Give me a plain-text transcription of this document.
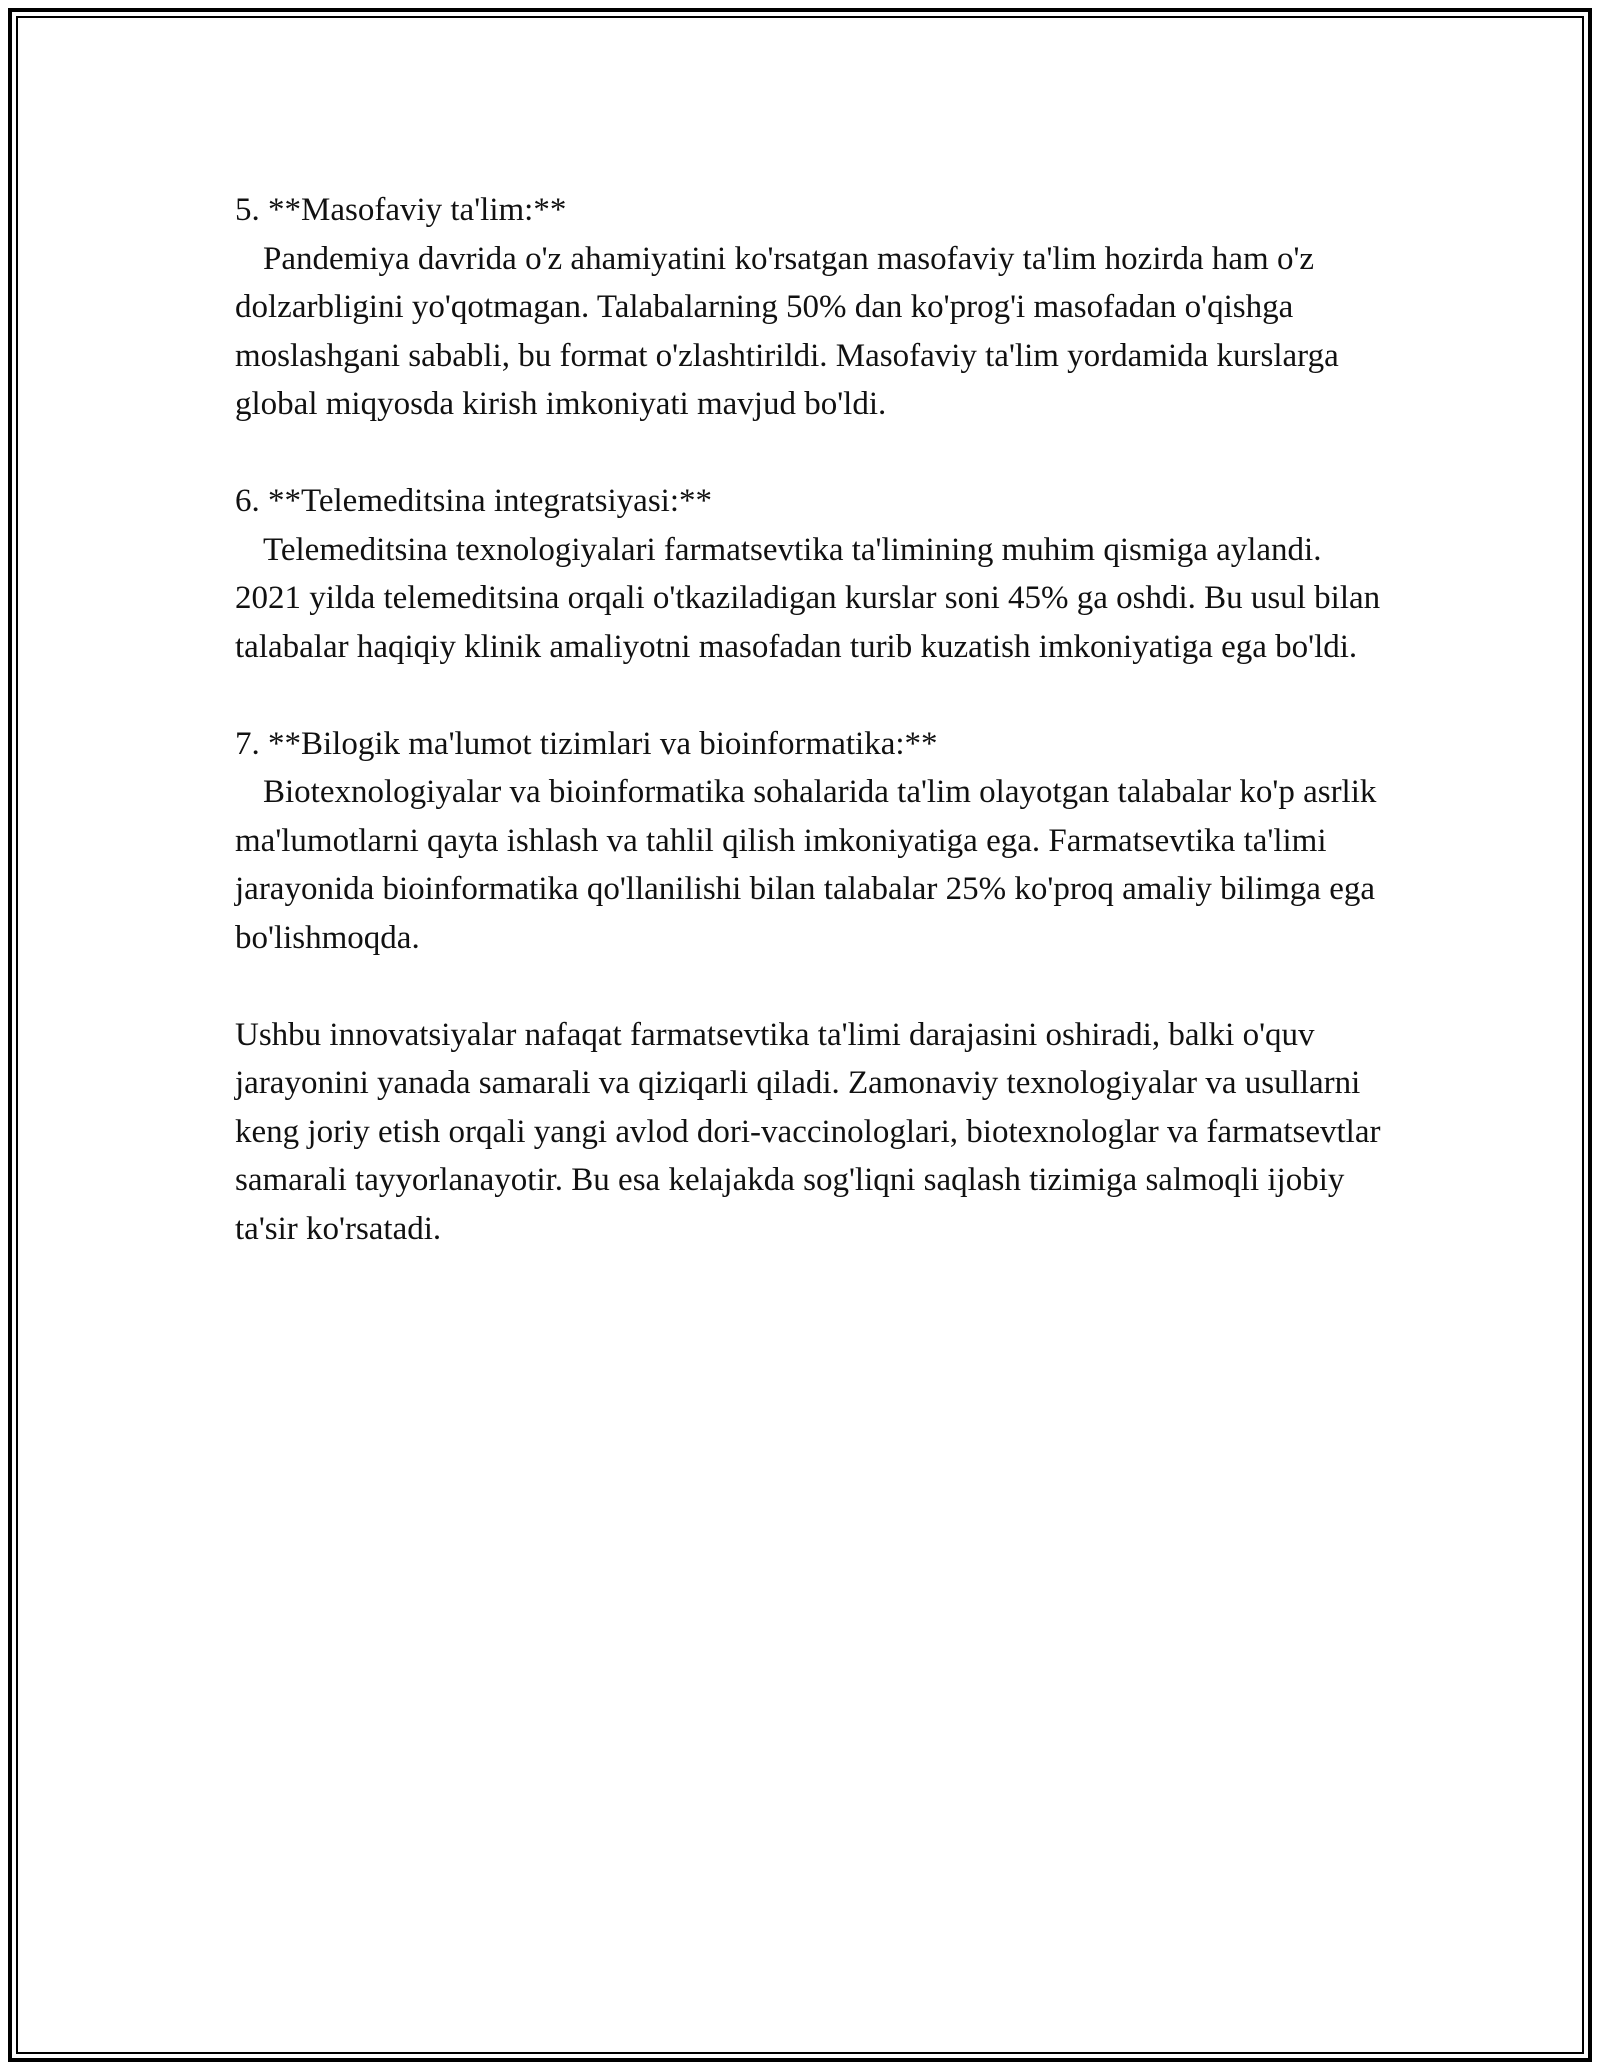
5. **Masofaviy ta'lim:**

Pandemiya davrida o'z ahamiyatini ko'rsatgan masofaviy ta'lim hozirda ham o'z dolzarbligini yo'qotmagan. Talabalarning 50% dan ko'prog'i masofadan o'qishga moslashgani sababli, bu format o'zlashtirildi. Masofaviy ta'lim yordamida kurslarga global miqyosda kirish imkoniyati mavjud bo'ldi.

6. **Telemeditsina integratsiyasi:**

Telemeditsina texnologiyalari farmatsevtika ta'limining muhim qismiga aylandi. 2021 yilda telemeditsina orqali o'tkaziladigan kurslar soni 45% ga oshdi. Bu usul bilan talabalar haqiqiy klinik amaliyotni masofadan turib kuzatish imkoniyatiga ega bo'ldi.

7. **Bilogik ma'lumot tizimlari va bioinformatika:**

Biotexnologiyalar va bioinformatika sohalarida ta'lim olayotgan talabalar ko'p asrlik ma'lumotlarni qayta ishlash va tahlil qilish imkoniyatiga ega. Farmatsevtika ta'limi jarayonida bioinformatika qo'llanilishi bilan talabalar 25% ko'proq amaliy bilimga ega bo'lishmoqda.

Ushbu innovatsiyalar nafaqat farmatsevtika ta'limi darajasini oshiradi, balki o'quv jarayonini yanada samarali va qiziqarli qiladi. Zamonaviy texnologiyalar va usullarni keng joriy etish orqali yangi avlod dori-vaccinologlari, biotexnologlar va farmatsevtlar samarali tayyorlanayotir. Bu esa kelajakda sog'liqni saqlash tizimiga salmoqli ijobiy ta'sir ko'rsatadi.
